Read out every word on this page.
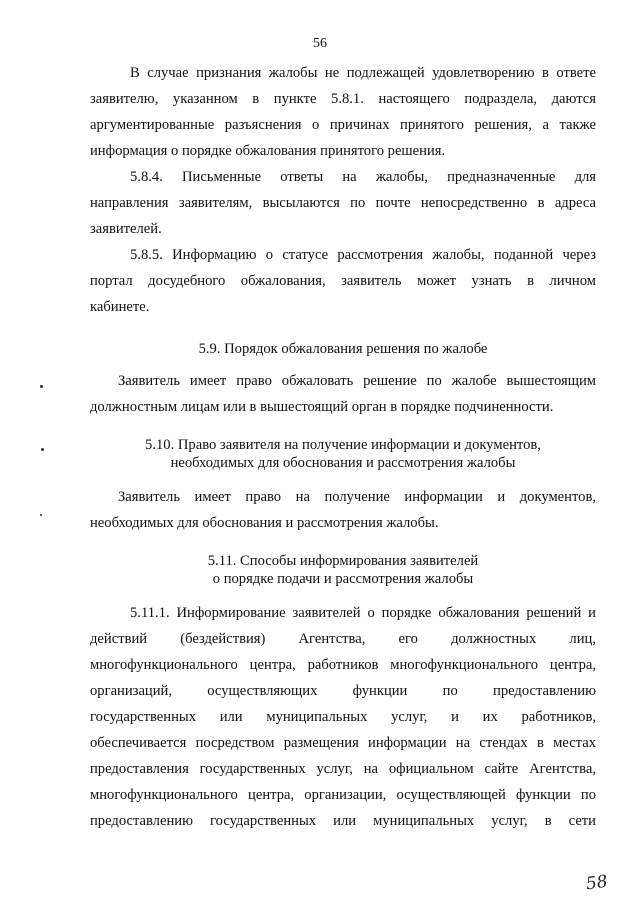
56
В случае признания жалобы не подлежащей удовлетворению в ответе
заявителю, указанном в пункте 5.8.1. настоящего подраздела, даются
аргументированные разъяснения о причинах принятого решения, а также
информация о порядке обжалования принятого решения.
5.8.4. Письменные ответы на жалобы, предназначенные для
направления заявителям, высылаются по почте непосредственно в адреса
заявителей.
5.8.5. Информацию о статусе рассмотрения жалобы, поданной через
портал досудебного обжалования, заявитель может узнать в личном
кабинете.
5.9. Порядок обжалования решения по жалобе
Заявитель имеет право обжаловать решение по жалобе вышестоящим
должностным лицам или в вышестоящий орган в порядке подчиненности.
5.10. Право заявителя на получение информации и документов,
необходимых для обоснования и рассмотрения жалобы
Заявитель имеет право на получение информации и документов,
необходимых для обоснования и рассмотрения жалобы.
5.11. Способы информирования заявителей
о порядке подачи и рассмотрения жалобы
5.11.1. Информирование заявителей о порядке обжалования решений и
действий (бездействия) Агентства, его должностных лиц,
многофункционального центра, работников многофункционального центра,
организаций, осуществляющих функции по предоставлению
государственных или муниципальных услуг, и их работников,
обеспечивается посредством размещения информации на стендах в местах
предоставления государственных услуг, на официальном сайте Агентства,
многофункционального центра, организации, осуществляющей функции по
предоставлению государственных или муниципальных услуг, в сети
58
